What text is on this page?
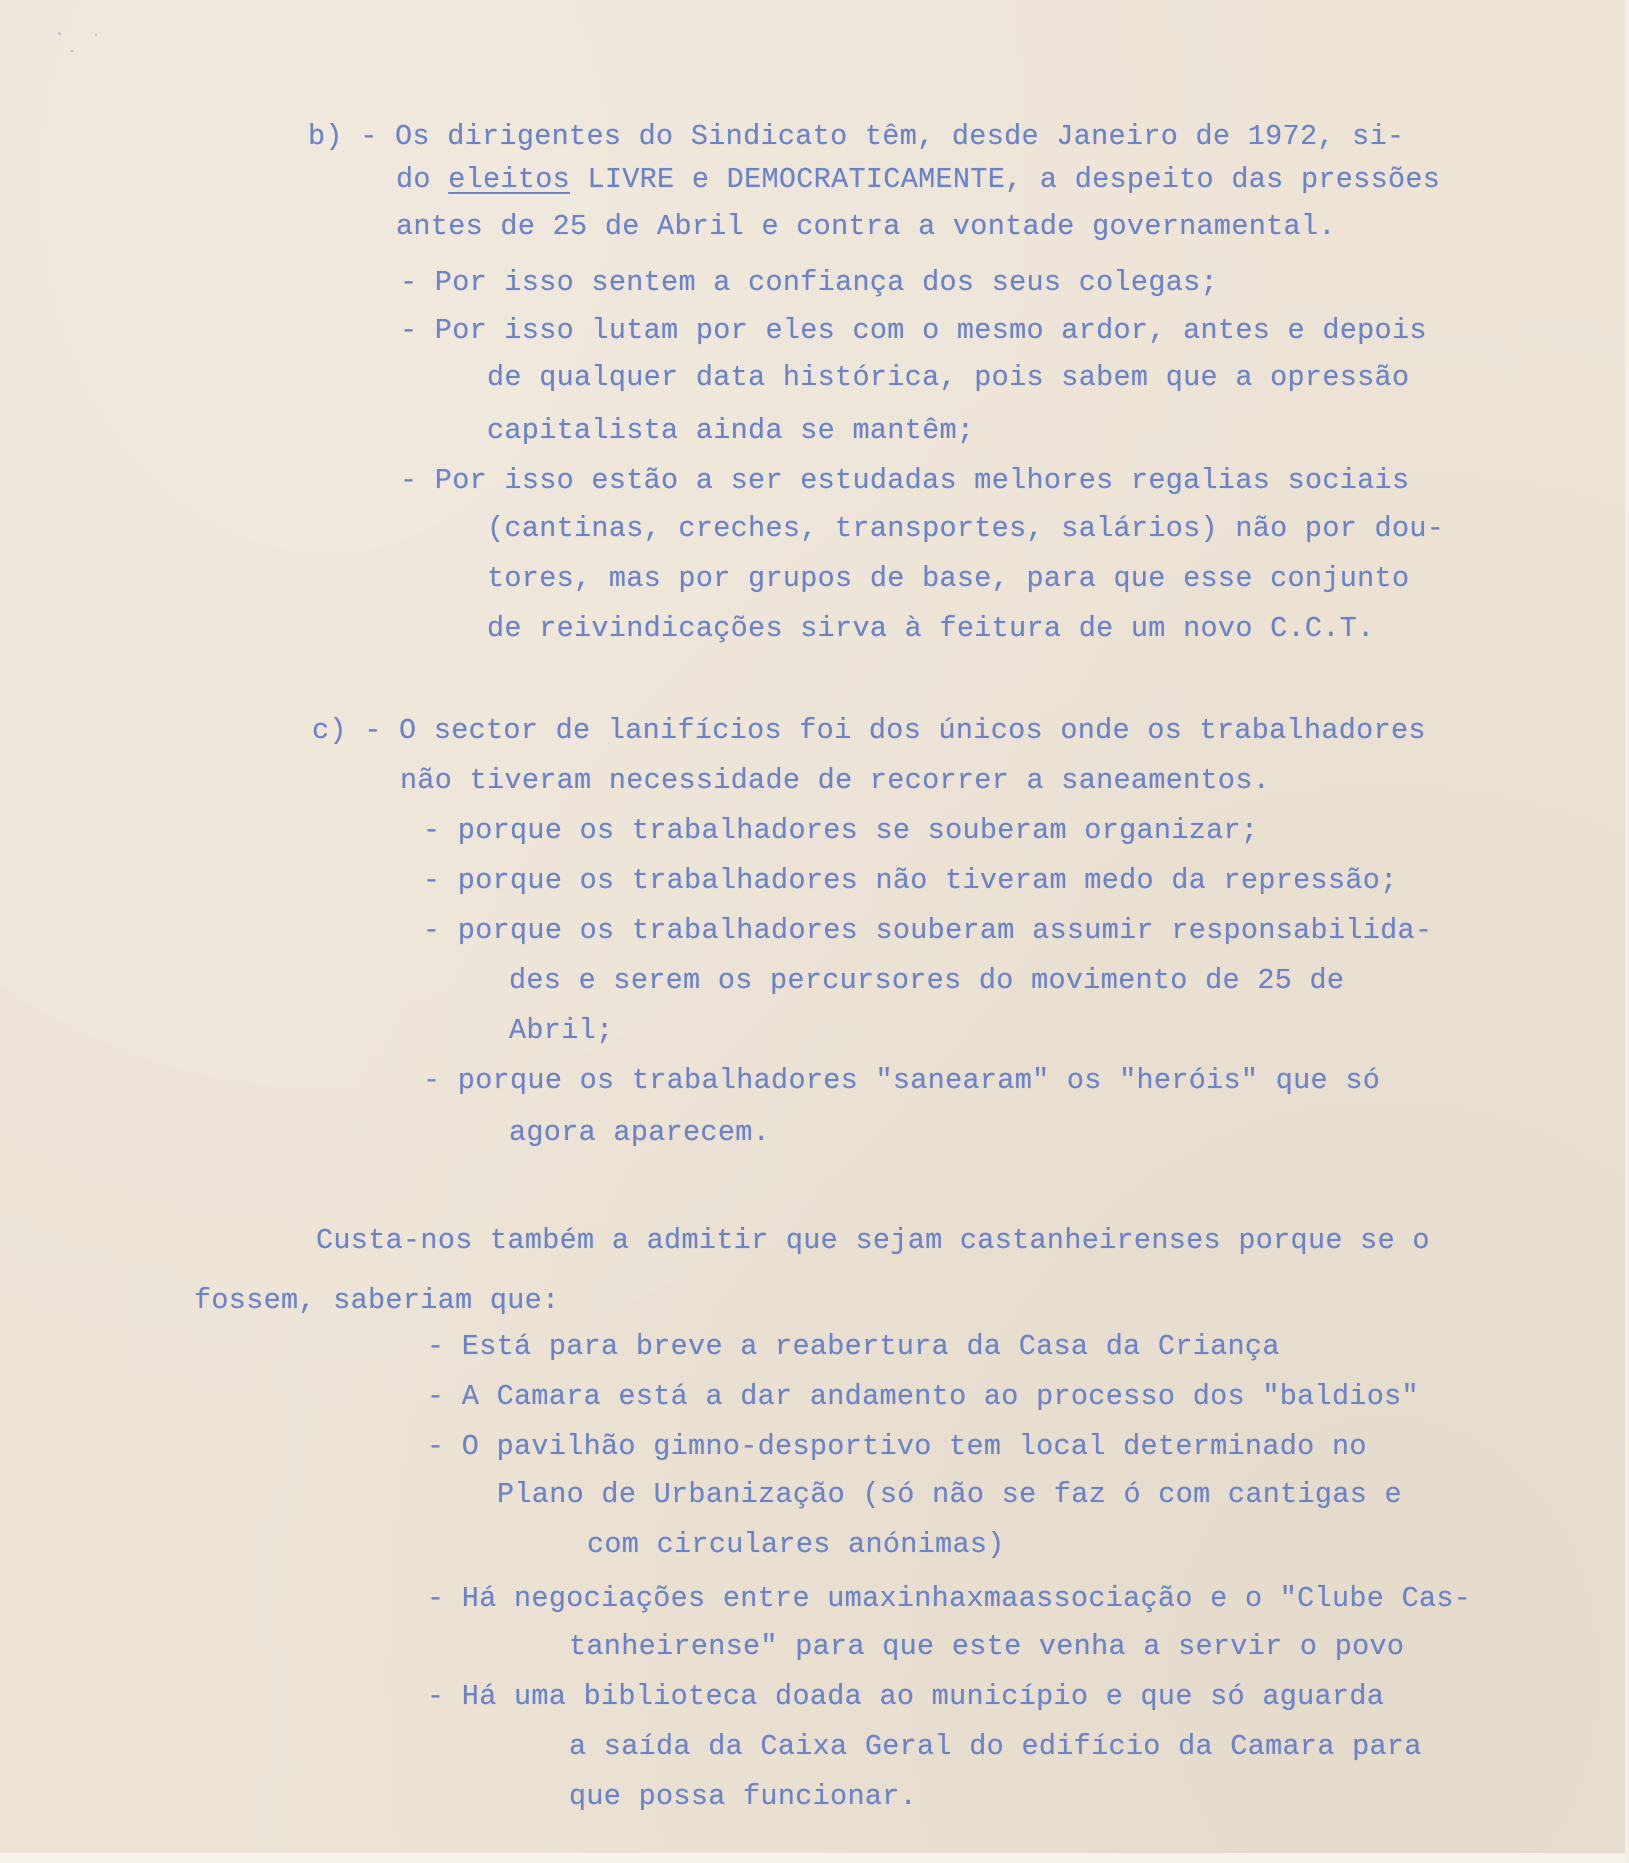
b) - Os dirigentes do Sindicato têm, desde Janeiro de 1972, si-

do eleitos LIVRE e DEMOCRATICAMENTE, a despeito das pressões

antes de 25 de Abril e contra a vontade governamental.

- Por isso sentem a confiança dos seus colegas;

- Por isso lutam por eles com o mesmo ardor, antes e depois

de qualquer data histórica, pois sabem que a opressão

capitalista ainda se mantêm;

- Por isso estão a ser estudadas melhores regalias sociais

(cantinas, creches, transportes, salários) não por dou-

tores, mas por grupos de base, para que esse conjunto

de reivindicações sirva à feitura de um novo C.C.T.

c) - O sector de lanifícios foi dos únicos onde os trabalhadores

não tiveram necessidade de recorrer a saneamentos.

- porque os trabalhadores se souberam organizar;

- porque os trabalhadores não tiveram medo da repressão;

- porque os trabalhadores souberam assumir responsabilida-

des e serem os percursores do movimento de 25 de

Abril;

- porque os trabalhadores "sanearam" os "heróis" que só

agora aparecem.

Custa-nos também a admitir que sejam castanheirenses porque se o

fossem, saberiam que:

- Está para breve a reabertura da Casa da Criança

- A Camara está a dar andamento ao processo dos "baldios"

- O pavilhão gimno-desportivo tem local determinado no

Plano de Urbanização (só não se faz ó com cantigas e

com circulares anónimas)

- Há negociações entre umaxinhaxmaassociação e o "Clube Cas-

tanheirense" para que este venha a servir o povo

- Há uma biblioteca doada ao município e que só aguarda

a saída da Caixa Geral do edifício da Camara para

que possa funcionar.
